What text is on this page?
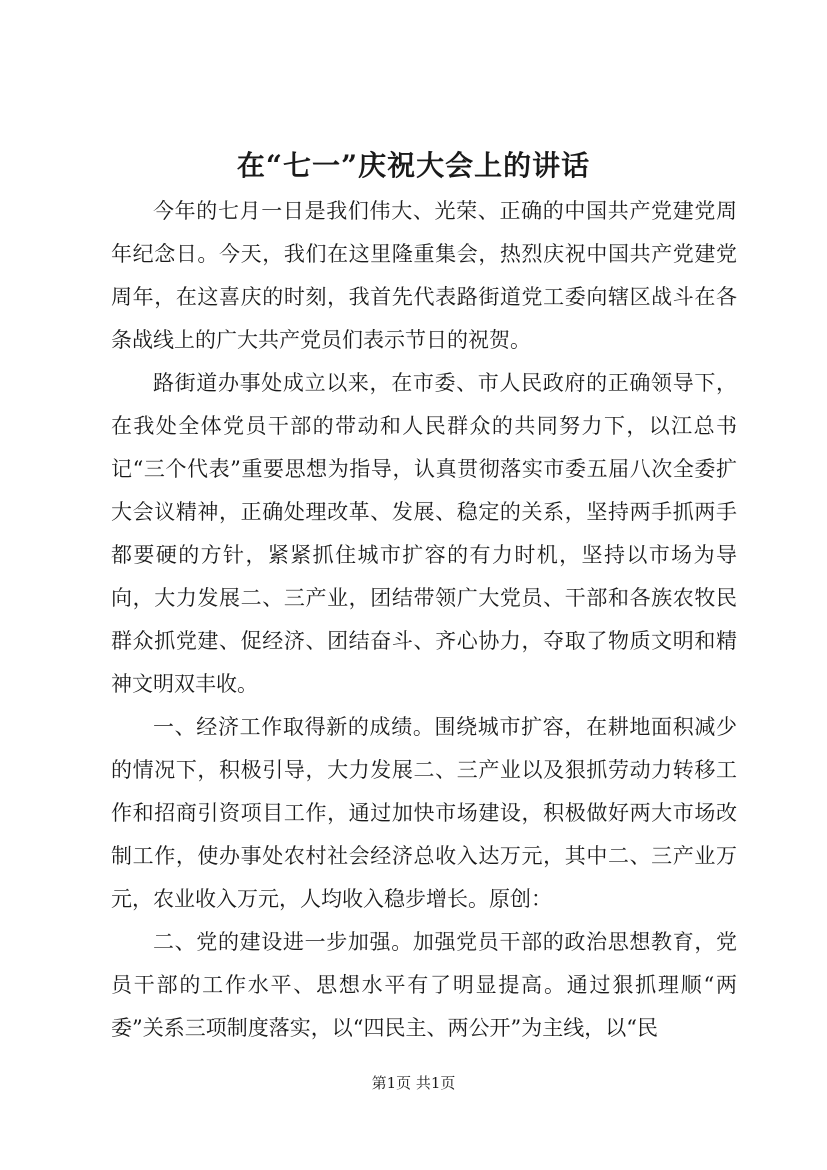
在“七一”庆祝大会上的讲话

今年的七月一日是我们伟大、光荣、正确的中国共产党建党周年纪念日。今天，我们在这里隆重集会，热烈庆祝中国共产党建党周年，在这喜庆的时刻，我首先代表路街道党工委向辖区战斗在各条战线上的广大共产党员们表示节日的祝贺。

路街道办事处成立以来，在市委、市人民政府的正确领导下，在我处全体党员干部的带动和人民群众的共同努力下，以江总书记“三个代表”重要思想为指导，认真贯彻落实市委五届八次全委扩大会议精神，正确处理改革、发展、稳定的关系，坚持两手抓两手都要硬的方针，紧紧抓住城市扩容的有力时机，坚持以市场为导向，大力发展二、三产业，团结带领广大党员、干部和各族农牧民群众抓党建、促经济、团结奋斗、齐心协力，夺取了物质文明和精神文明双丰收。

一、经济工作取得新的成绩。围绕城市扩容，在耕地面积减少的情况下，积极引导，大力发展二、三产业以及狠抓劳动力转移工作和招商引资项目工作，通过加快市场建设，积极做好两大市场改制工作，使办事处农村社会经济总收入达万元，其中二、三产业万元，农业收入万元，人均收入稳步增长。原创：

二、党的建设进一步加强。加强党员干部的政治思想教育，党员干部的工作水平、思想水平有了明显提高。通过狠抓理顺“两委”关系三项制度落实，以“四民主、两公开”为主线，以“民

第1页 共1页
